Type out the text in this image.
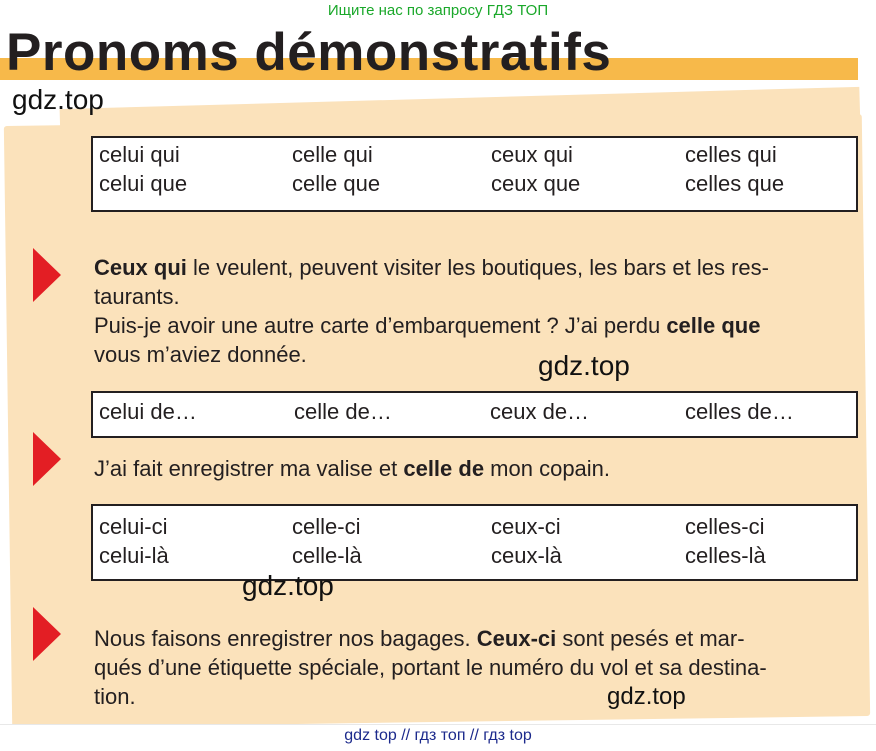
Ищите нас по запросу ГДЗ ТОП
Pronoms démonstratifs
gdz.top
celui qui	celle qui	ceux qui	celles qui
celui que	celle que	ceux que	celles que

Ceux qui le veulent, peuvent visiter les boutiques, les bars et les res-
taurants.
Puis-je avoir une autre carte d’embarquement ? J’ai perdu celle que
vous m’aviez donnée.	gdz.top
celui de…	celle de…	ceux de…	celles de…

J’ai fait enregistrer ma valise et celle de mon copain.

celui-ci	celle-ci	ceux-ci	celles-ci
celui-là	celle-là	ceux-là	celles-là
gdz.top

Nous faisons enregistrer nos bagages. Ceux-ci sont pesés et mar-
qués d’une étiquette spéciale, portant le numéro du vol et sa destina-
tion.	gdz.top
gdz top // гдз топ // гдз top
